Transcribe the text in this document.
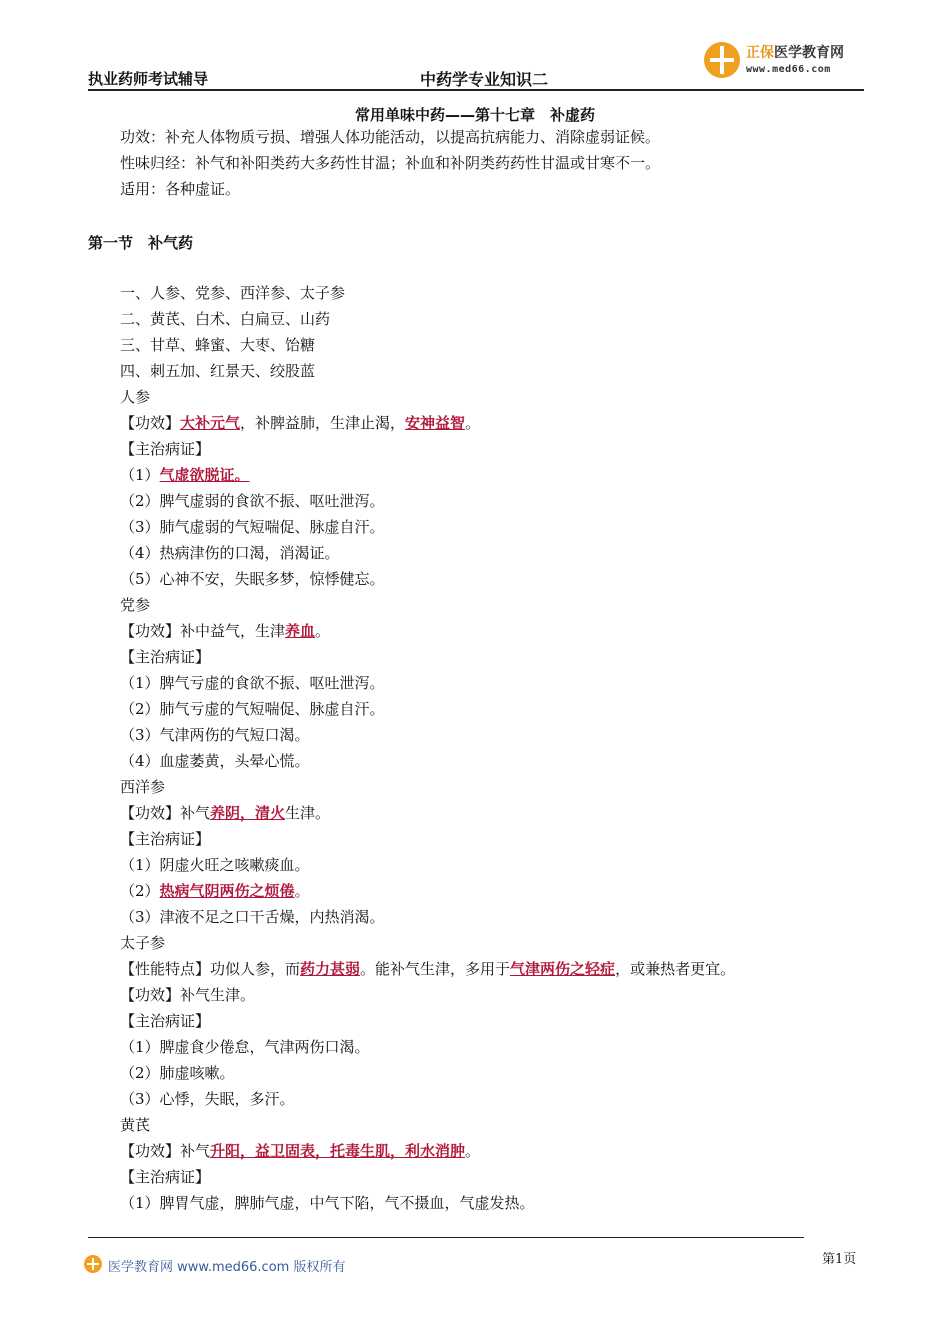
执业药师考试辅导	中药学专业知识二
正保医学教育网
www.med66.com
常用单味中药——第十七章　补虚药
功效：补充人体物质亏损、增强人体功能活动，以提高抗病能力、消除虚弱证候。
性味归经：补气和补阳类药大多药性甘温；补血和补阴类药药性甘温或甘寒不一。
适用：各种虚证。
第一节　补气药
一、人参、党参、西洋参、太子参
二、黄芪、白术、白扁豆、山药
三、甘草、蜂蜜、大枣、饴糖
四、刺五加、红景天、绞股蓝
人参
【功效】大补元气，补脾益肺，生津止渴，安神益智。
【主治病证】
（1）气虚欲脱证。
（2）脾气虚弱的食欲不振、呕吐泄泻。
（3）肺气虚弱的气短喘促、脉虚自汗。
（4）热病津伤的口渴，消渴证。
（5）心神不安，失眠多梦，惊悸健忘。
党参
【功效】补中益气，生津养血。
【主治病证】
（1）脾气亏虚的食欲不振、呕吐泄泻。
（2）肺气亏虚的气短喘促、脉虚自汗。
（3）气津两伤的气短口渴。
（4）血虚萎黄，头晕心慌。
西洋参
【功效】补气养阴，清火生津。
【主治病证】
（1）阴虚火旺之咳嗽痰血。
（2）热病气阴两伤之烦倦。
（3）津液不足之口干舌燥，内热消渴。
太子参
【性能特点】功似人参，而药力甚弱。能补气生津，多用于气津两伤之轻症，或兼热者更宜。
【功效】补气生津。
【主治病证】
（1）脾虚食少倦怠，气津两伤口渴。
（2）肺虚咳嗽。
（3）心悸，失眠，多汗。
黄芪
【功效】补气升阳，益卫固表，托毒生肌，利水消肿。
【主治病证】
（1）脾胃气虚，脾肺气虚，中气下陷，气不摄血，气虚发热。
医学教育网 www.med66.com 版权所有
第1页
